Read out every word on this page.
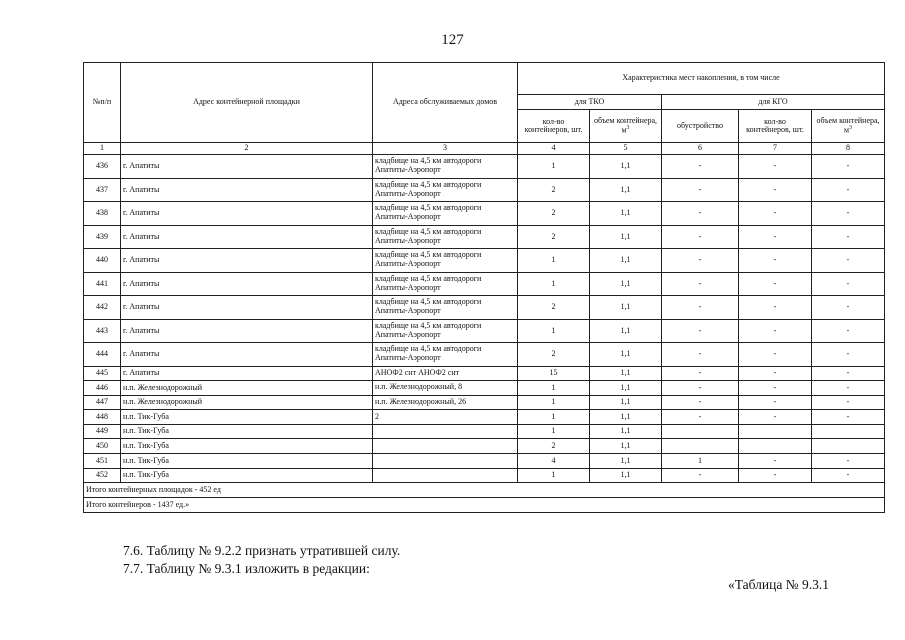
127
№п/п	Адрес контейнерной площадки	Адреса обслуживаемых домов	Характеристика мест накопления, в том числе				
			для ТКО		для КГО		
			кол-во контейнеров, шт.	объем контейнера, $м^3$	обустройство	кол-во контейнеров, шт.	объем контейнера, $м^3$
1	2	3	4	5	6	7	8
436	г. Апатиты	кладбище на 4,5 км автодороги Апатиты-Аэропорт	1	1,1	-	-	-
437	г. Апатиты	кладбище на 4,5 км автодороги Апатиты-Аэропорт	2	1,1	-	-	-
438	г. Апатиты	кладбище на 4,5 км автодороги Апатиты-Аэропорт	2	1,1	-	-	-
439	г. Апатиты	кладбище на 4,5 км автодороги Апатиты-Аэропорт	2	1,1	-	-	-
440	г. Апатиты	кладбище на 4,5 км автодороги Апатиты-Аэропорт	1	1,1	-	-	-
441	г. Апатиты	кладбище на 4,5 км автодороги Апатиты-Аэропорт	1	1,1	-	-	-
442	г. Апатиты	кладбище на 4,5 км автодороги Апатиты-Аэропорт	2	1,1	-	-	-
443	г. Апатиты	кладбище на 4,5 км автодороги Апатиты-Аэропорт	1	1,1	-	-	-
444	г. Апатиты	кладбище на 4,5 км автодороги Апатиты-Аэропорт	2	1,1	-	-	-
445	г. Апатиты	АНОФ2 снт АНОФ2 снт	15	1,1	-	-	-
446	н.п. Железнодорожный	н.п. Железнодорожный, 8	1	1,1	-	-	-
447	н.п. Железнодорожный	н.п. Железнодорожный, 26	1	1,1	-	-	-
448	н.п. Тик-Губа	2	1	1,1	-	-	-
449	н.п. Тик-Губа		1	1,1			
450	н.п. Тик-Губа		2	1,1			
451	н.п. Тик-Губа		4	1,1	1	-	-
452	н.п. Тик-Губа		1	1,1	-	-	-
Итого контейнерных площадок - 452 ед							
Итого контейнеров - 1437 ед.»							
7.6. Таблицу № 9.2.2 признать утратившей силу.
7.7. Таблицу № 9.3.1 изложить в редакции:
«Таблица № 9.3.1
